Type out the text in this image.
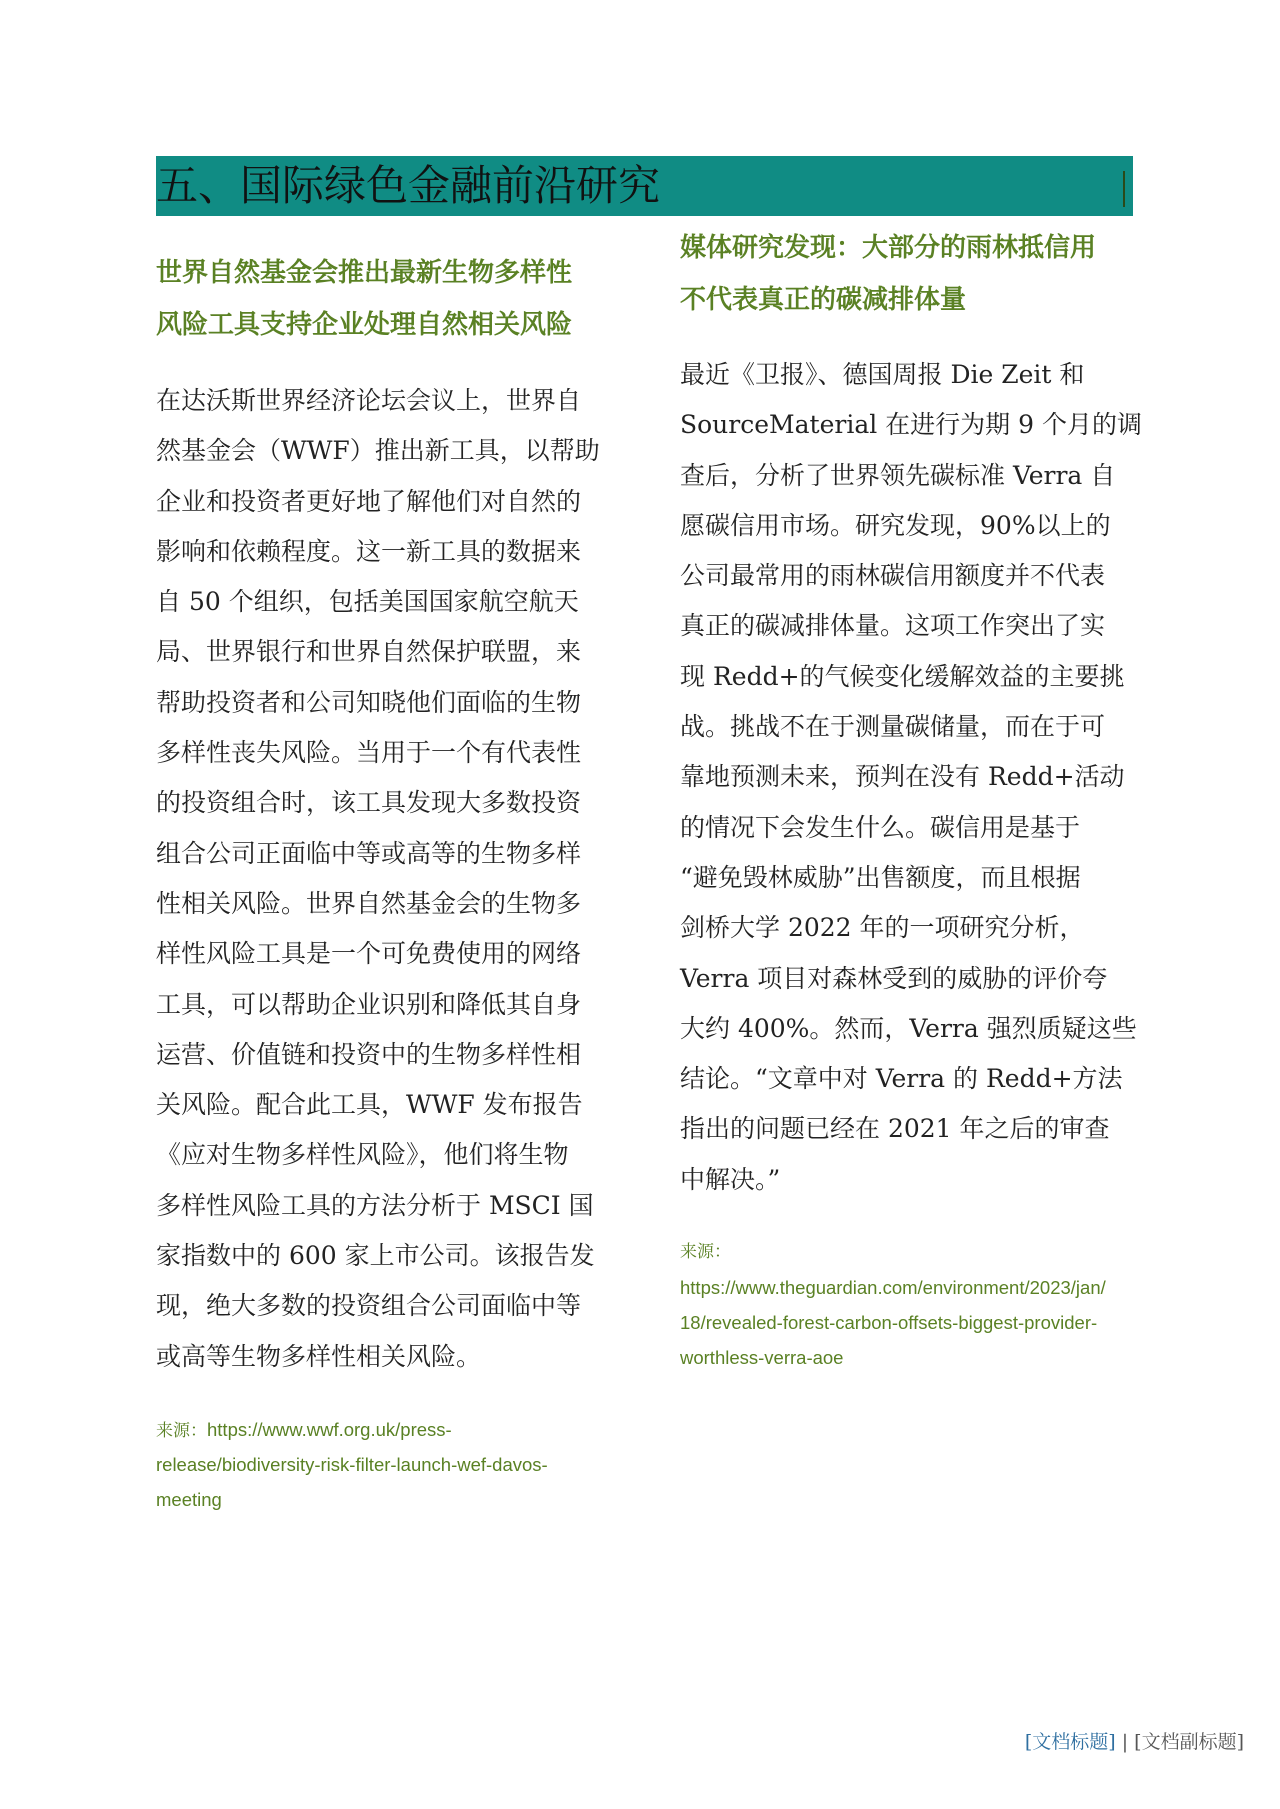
五、国际绿色金融前沿研究
世界自然基金会推出最新生物多样性
风险工具支持企业处理自然相关风险
在达沃斯世界经济论坛会议上，世界自
然基金会（WWF）推出新工具，以帮助
企业和投资者更好地了解他们对自然的
影响和依赖程度。这一新工具的数据来
自 50 个组织，包括美国国家航空航天
局、世界银行和世界自然保护联盟，来
帮助投资者和公司知晓他们面临的生物
多样性丧失风险。当用于一个有代表性
的投资组合时，该工具发现大多数投资
组合公司正面临中等或高等的生物多样
性相关风险。世界自然基金会的生物多
样性风险工具是一个可免费使用的网络
工具，可以帮助企业识别和降低其自身
运营、价值链和投资中的生物多样性相
关风险。配合此工具，WWF 发布报告
《应对生物多样性风险》，他们将生物
多样性风险工具的方法分析于 MSCI 国
家指数中的 600 家上市公司。该报告发
现，绝大多数的投资组合公司面临中等
或高等生物多样性相关风险。
来源：https://www.wwf.org.uk/press-
release/biodiversity-risk-filter-launch-wef-davos-
meeting
媒体研究发现：大部分的雨林抵信用
不代表真正的碳减排体量
最近《卫报》、德国周报 Die Zeit 和
SourceMaterial 在进行为期 9 个月的调
查后，分析了世界领先碳标准 Verra 自
愿碳信用市场。研究发现，90%以上的
公司最常用的雨林碳信用额度并不代表
真正的碳减排体量。这项工作突出了实
现 Redd+的气候变化缓解效益的主要挑
战。挑战不在于测量碳储量，而在于可
靠地预测未来，预判在没有 Redd+活动
的情况下会发生什么。碳信用是基于
“避免毁林威胁”出售额度，而且根据
剑桥大学 2022 年的一项研究分析，
Verra 项目对森林受到的威胁的评价夸
大约 400%。然而，Verra 强烈质疑这些
结论。“文章中对 Verra 的 Redd+方法
指出的问题已经在 2021 年之后的审查
中解决。”
来源：
https://www.theguardian.com/environment/2023/jan/
18/revealed-forest-carbon-offsets-biggest-provider-
worthless-verra-aoe
[文档标题] | [文档副标题]
